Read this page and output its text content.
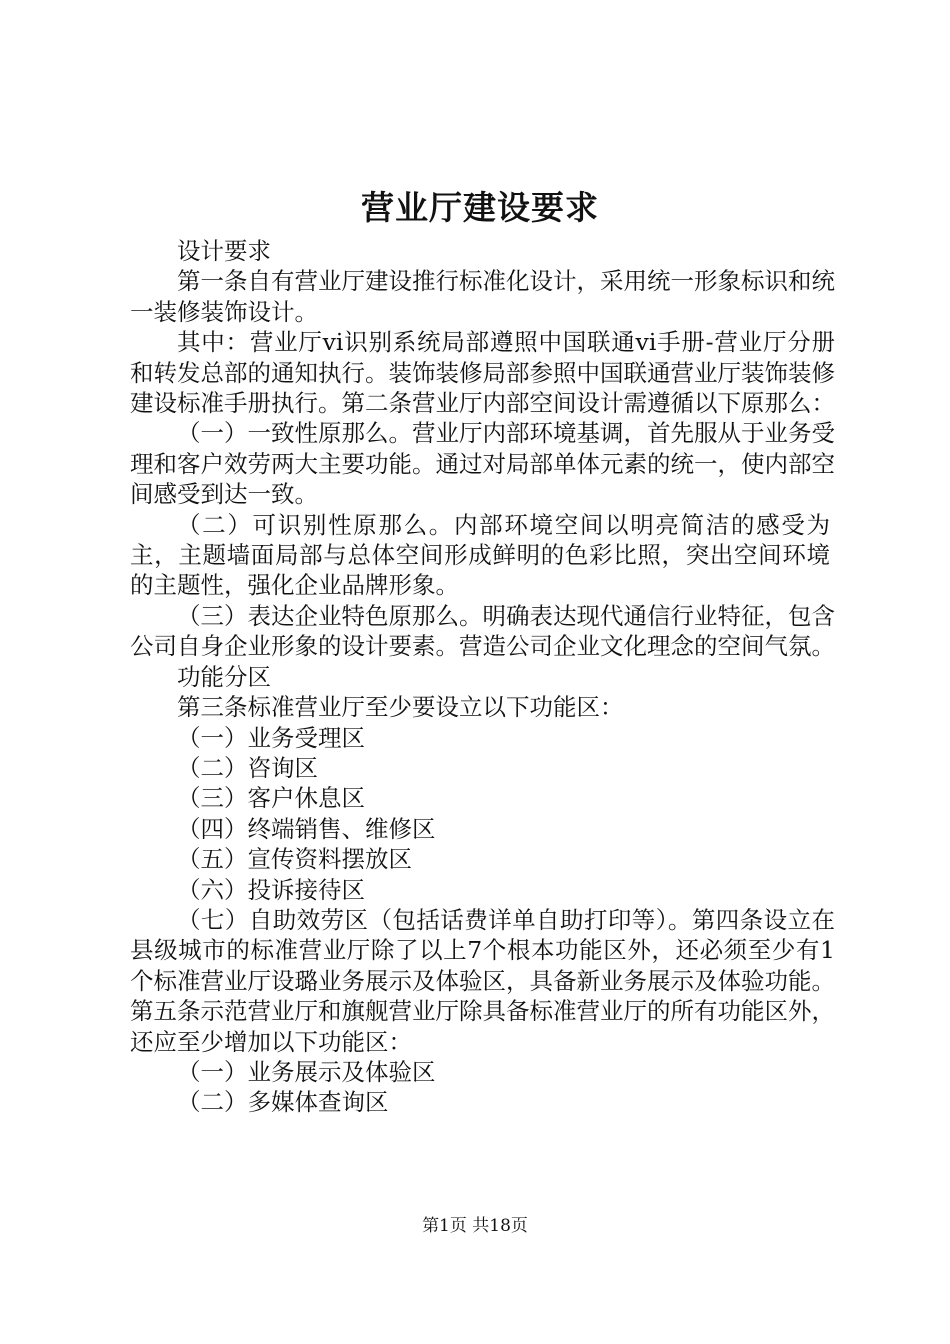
营业厅建设要求

设计要求

第一条自有营业厅建设推行标准化设计，采用统一形象标识和统一装修装饰设计。

其中：营业厅vi识别系统局部遵照中国联通vi手册-营业厅分册和转发总部的通知执行。装饰装修局部参照中国联通营业厅装饰装修建设标准手册执行。第二条营业厅内部空间设计需遵循以下原那么：

（一）一致性原那么。营业厅内部环境基调，首先服从于业务受理和客户效劳两大主要功能。通过对局部单体元素的统一，使内部空间感受到达一致。

（二）可识别性原那么。内部环境空间以明亮简洁的感受为主，主题墙面局部与总体空间形成鲜明的色彩比照，突出空间环境的主题性，强化企业品牌形象。

（三）表达企业特色原那么。明确表达现代通信行业特征，包含公司自身企业形象的设计要素。营造公司企业文化理念的空间气氛。

功能分区

第三条标准营业厅至少要设立以下功能区：

（一）业务受理区

（二）咨询区

（三）客户休息区

（四）终端销售、维修区

（五）宣传资料摆放区

（六）投诉接待区

（七）自助效劳区（包括话费详单自助打印等）。第四条设立在县级城市的标准营业厅除了以上7个根本功能区外，还必须至少有1个标准营业厅设璐业务展示及体验区，具备新业务展示及体验功能。第五条示范营业厅和旗舰营业厅除具备标准营业厅的所有功能区外，还应至少增加以下功能区：

（一）业务展示及体验区

（二）多媒体查询区

第1页 共18页
